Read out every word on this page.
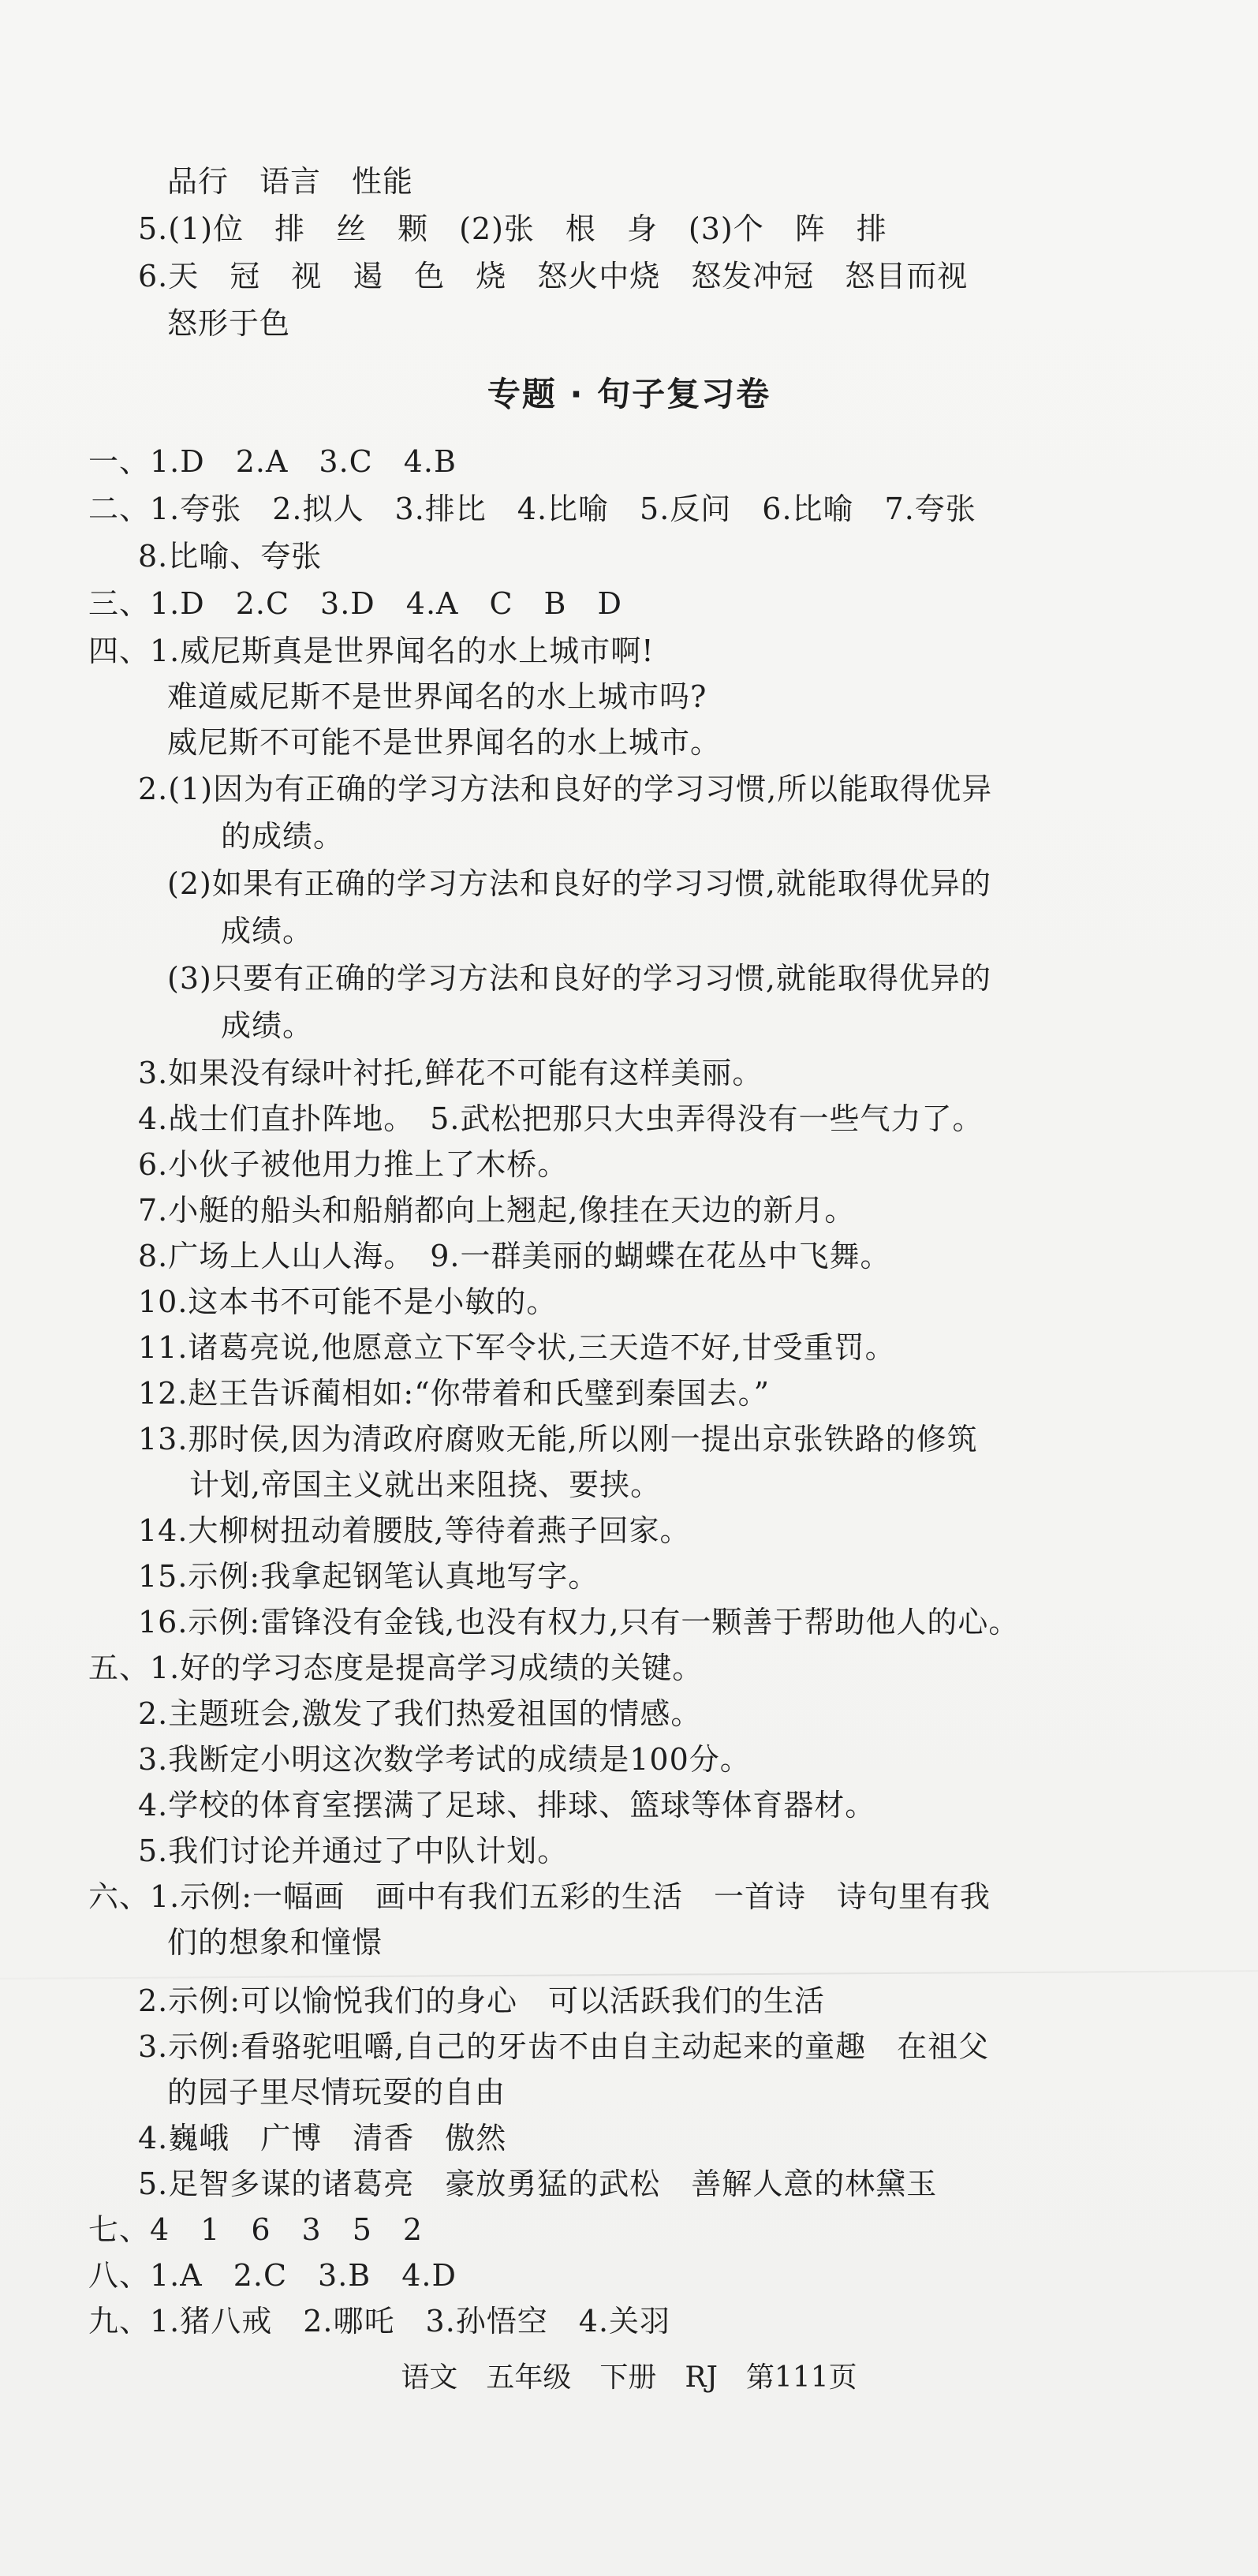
品行　语言　性能
5.(1)位　排　丝　颗　(2)张　根　身　(3)个　阵　排
6.天　冠　视　遏　色　烧　怒火中烧　怒发冲冠　怒目而视
怒形于色
专题 · 句子复习卷
一、1.D　2.A　3.C　4.B
二、1.夸张　2.拟人　3.排比　4.比喻　5.反问　6.比喻　7.夸张
8.比喻、夸张
三、1.D　2.C　3.D　4.A　C　B　D
四、1.威尼斯真是世界闻名的水上城市啊!
难道威尼斯不是世界闻名的水上城市吗?
威尼斯不可能不是世界闻名的水上城市。
2.(1)因为有正确的学习方法和良好的学习习惯,所以能取得优异
的成绩。
(2)如果有正确的学习方法和良好的学习习惯,就能取得优异的
成绩。
(3)只要有正确的学习方法和良好的学习习惯,就能取得优异的
成绩。
3.如果没有绿叶衬托,鲜花不可能有这样美丽。
4.战士们直扑阵地。　5.武松把那只大虫弄得没有一些气力了。
6.小伙子被他用力推上了木桥。
7.小艇的船头和船艄都向上翘起,像挂在天边的新月。
8.广场上人山人海。　9.一群美丽的蝴蝶在花丛中飞舞。
10.这本书不可能不是小敏的。
11.诸葛亮说,他愿意立下军令状,三天造不好,甘受重罚。
12.赵王告诉蔺相如:“你带着和氏璧到秦国去。”
13.那时侯,因为清政府腐败无能,所以刚一提出京张铁路的修筑
计划,帝国主义就出来阻挠、要挟。
14.大柳树扭动着腰肢,等待着燕子回家。
15.示例:我拿起钢笔认真地写字。
16.示例:雷锋没有金钱,也没有权力,只有一颗善于帮助他人的心。
五、1.好的学习态度是提高学习成绩的关键。
2.主题班会,激发了我们热爱祖国的情感。
3.我断定小明这次数学考试的成绩是100分。
4.学校的体育室摆满了足球、排球、篮球等体育器材。
5.我们讨论并通过了中队计划。
六、1.示例:一幅画　画中有我们五彩的生活　一首诗　诗句里有我
们的想象和憧憬
2.示例:可以愉悦我们的身心　可以活跃我们的生活
3.示例:看骆驼咀嚼,自己的牙齿不由自主动起来的童趣　在祖父
的园子里尽情玩耍的自由
4.巍峨　广博　清香　傲然
5.足智多谋的诸葛亮　豪放勇猛的武松　善解人意的林黛玉
七、4　1　6　3　5　2
八、1.A　2.C　3.B　4.D
九、1.猪八戒　2.哪吒　3.孙悟空　4.关羽
语文　五年级　下册　RJ　第111页
